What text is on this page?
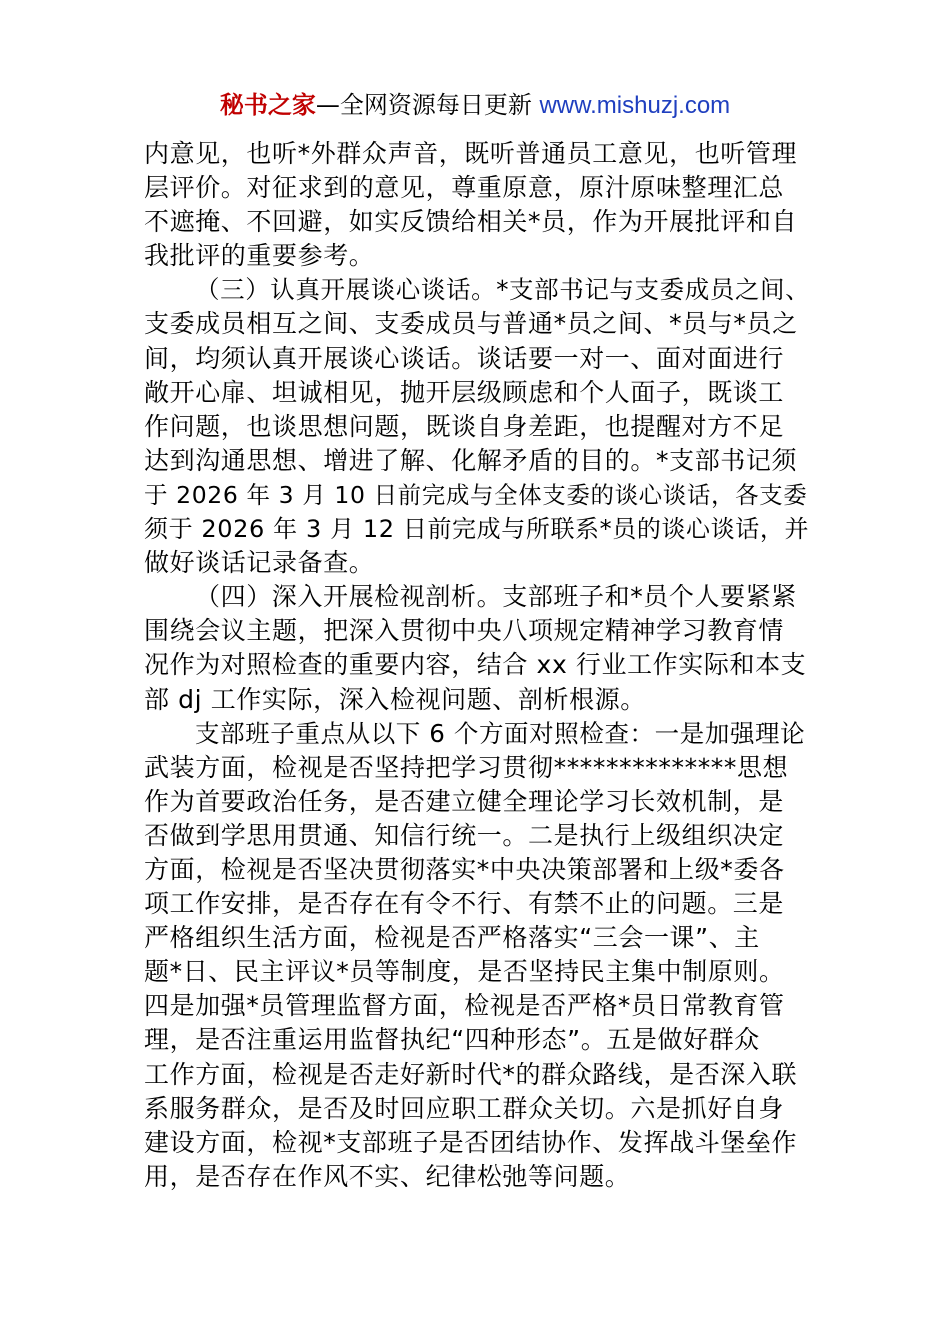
秘书之家—全网资源每日更新 www.mishuzj.com
内意见，也听*外群众声音，既听普通员工意见，也听管理
层评价。对征求到的意见，尊重原意，原汁原味整理汇总
不遮掩、不回避，如实反馈给相关*员，作为开展批评和自
我批评的重要参考。
（三）认真开展谈心谈话。*支部书记与支委成员之间、
支委成员相互之间、支委成员与普通*员之间、*员与*员之
间，均须认真开展谈心谈话。谈话要一对一、面对面进行
敞开心扉、坦诚相见，抛开层级顾虑和个人面子，既谈工
作问题，也谈思想问题，既谈自身差距，也提醒对方不足
达到沟通思想、增进了解、化解矛盾的目的。*支部书记须
于 2026 年 3 月 10 日前完成与全体支委的谈心谈话，各支委
须于 2026 年 3 月 12 日前完成与所联系*员的谈心谈话，并
做好谈话记录备查。
（四）深入开展检视剖析。支部班子和*员个人要紧紧
围绕会议主题，把深入贯彻中央八项规定精神学习教育情
况作为对照检查的重要内容，结合 xx 行业工作实际和本支
部 dj 工作实际，深入检视问题、剖析根源。
支部班子重点从以下 6 个方面对照检查：一是加强理论
武装方面，检视是否坚持把学习贯彻**************思想
作为首要政治任务，是否建立健全理论学习长效机制，是
否做到学思用贯通、知信行统一。二是执行上级组织决定
方面，检视是否坚决贯彻落实*中央决策部署和上级*委各
项工作安排，是否存在有令不行、有禁不止的问题。三是
严格组织生活方面，检视是否严格落实“三会一课”、主
题*日、民主评议*员等制度，是否坚持民主集中制原则。
四是加强*员管理监督方面，检视是否严格*员日常教育管
理，是否注重运用监督执纪“四种形态”。五是做好群众
工作方面，检视是否走好新时代*的群众路线，是否深入联
系服务群众，是否及时回应职工群众关切。六是抓好自身
建设方面，检视*支部班子是否团结协作、发挥战斗堡垒作
用，是否存在作风不实、纪律松弛等问题。
